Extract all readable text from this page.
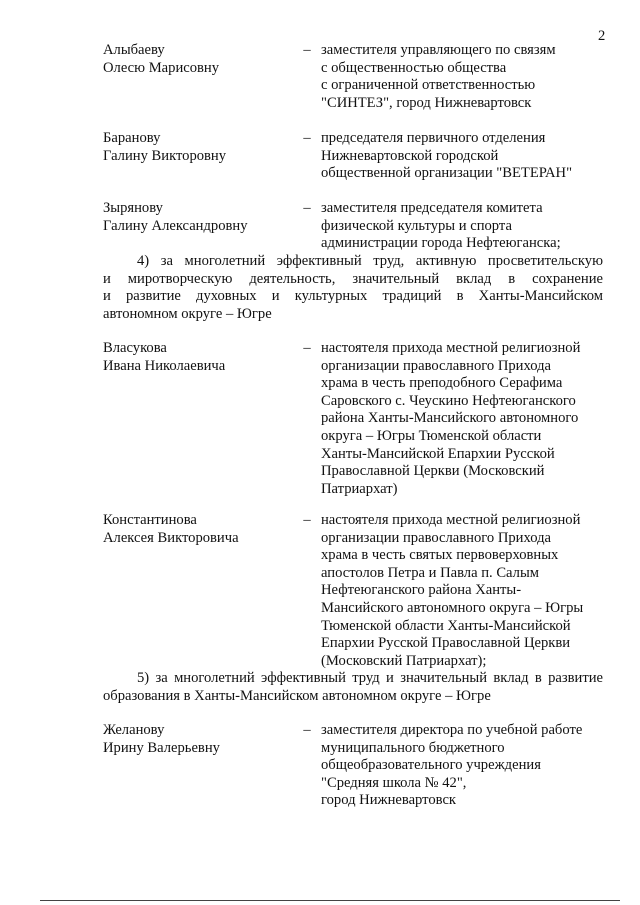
2
Алыбаеву
Олесю Марисовну
– заместителя управляющего по связям
с общественностью общества
с ограниченной ответственностью
"СИНТЕЗ", город Нижневартовск
Баранову
Галину Викторовну
– председателя первичного отделения
Нижневартовской городской
общественной организации "ВЕТЕРАН"
Зырянову
Галину Александровну
– заместителя председателя комитета
физической культуры и спорта
администрации города Нефтеюганска;
4) за многолетний эффективный труд, активную просветительскую
и миротворческую деятельность, значительный вклад в сохранение
и развитие духовных и культурных традиций в Ханты-Мансийском
автономном округе – Югре
Власукова
Ивана Николаевича
– настоятеля прихода местной религиозной
организации православного Прихода
храма в честь преподобного Серафима
Саровского с. Чеускино Нефтеюганского
района Ханты-Мансийского автономного
округа – Югры Тюменской области
Ханты-Мансийской Епархии Русской
Православной Церкви (Московский
Патриархат)
Константинова
Алексея Викторовича
– настоятеля прихода местной религиозной
организации православного Прихода
храма в честь святых первоверховных
апостолов Петра и Павла п. Салым
Нефтеюганского района Ханты-
Мансийского автономного округа – Югры
Тюменской области Ханты-Мансийской
Епархии Русской Православной Церкви
(Московский Патриархат);
5) за многолетний эффективный труд и значительный вклад в развитие
образования в Ханты-Мансийском автономном округе – Югре
Желанову
Ирину Валерьевну
– заместителя директора по учебной работе
муниципального бюджетного
общеобразовательного учреждения
"Средняя школа № 42",
город Нижневартовск
